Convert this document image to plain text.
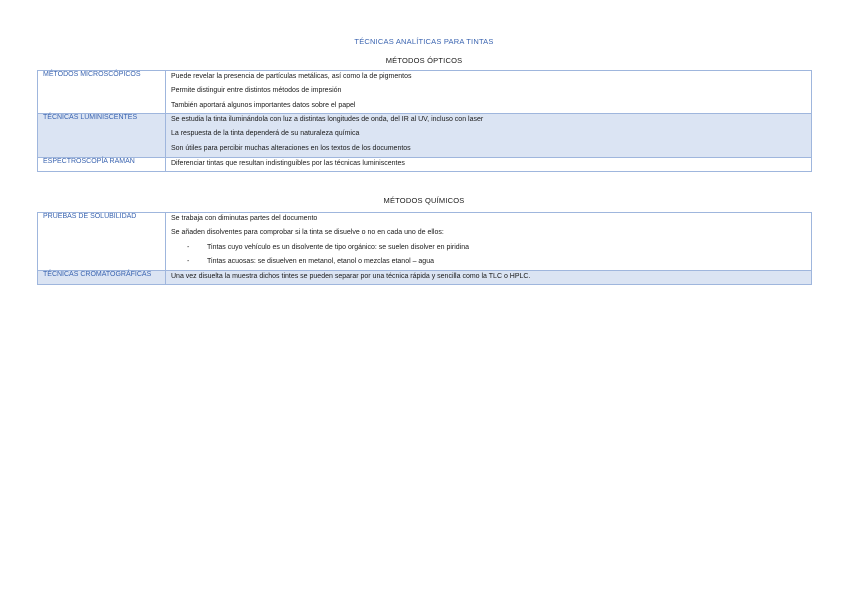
TÉCNICAS ANALÍTICAS PARA TINTAS
MÉTODOS ÓPTICOS
MÉTODOS MICROSCÓPICOS	Puede revelar la presencia de partículas metálicas, así como la de pigmentos
Permite distinguir entre distintos métodos de impresión
También aportará algunos importantes datos sobre el papel

TÉCNICAS LUMINISCENTES	Se estudia la tinta iluminándola con luz a distintas longitudes de onda, del IR al UV, incluso con laser
La respuesta de la tinta dependerá de su naturaleza química
Son útiles para percibir muchas alteraciones en los textos de los documentos

ESPECTROSCOPÍA RAMAN	Diferenciar tintas que resultan indistinguibles por las técnicas luminiscentes
MÉTODOS QUÍMICOS
PRUEBAS DE SOLUBILIDAD	Se trabaja con diminutas partes del documento
Se añaden disolventes para comprobar si la tinta se disuelve o no en cada uno de ellos:
- Tintas cuyo vehículo es un disolvente de tipo orgánico: se suelen disolver en piridina
- Tintas acuosas: se disuelven en metanol, etanol o mezclas etanol – agua

TÉCNICAS CROMATOGRÁFICAS	Una vez disuelta la muestra dichos tintes se pueden separar por una técnica rápida y sencilla como la TLC o HPLC.
